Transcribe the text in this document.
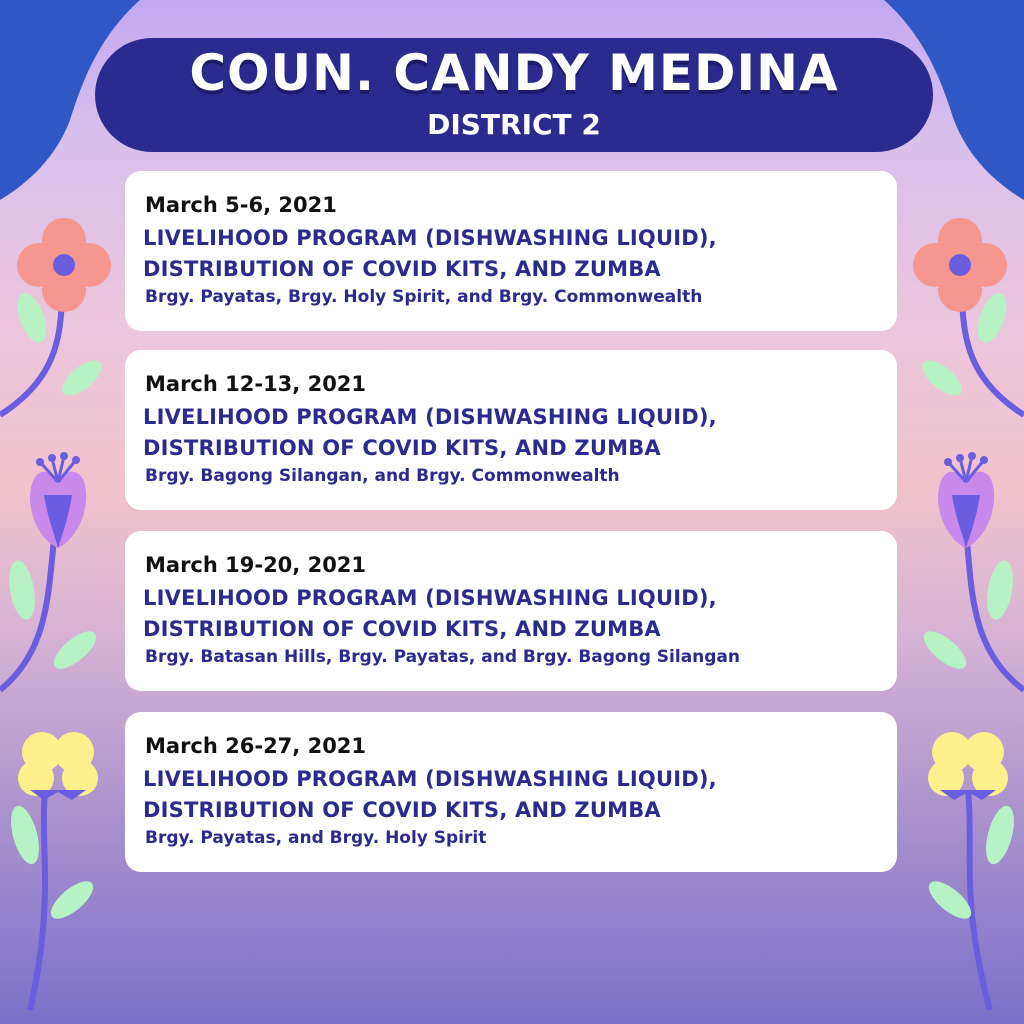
COUN. CANDY MEDINA
DISTRICT 2
March 5-6, 2021
LIVELIHOOD PROGRAM (DISHWASHING LIQUID),
DISTRIBUTION OF COVID KITS, AND ZUMBA
Brgy. Payatas, Brgy. Holy Spirit, and Brgy. Commonwealth
March 12-13, 2021
LIVELIHOOD PROGRAM (DISHWASHING LIQUID),
DISTRIBUTION OF COVID KITS, AND ZUMBA
Brgy. Bagong Silangan, and Brgy. Commonwealth
March 19-20, 2021
LIVELIHOOD PROGRAM (DISHWASHING LIQUID),
DISTRIBUTION OF COVID KITS, AND ZUMBA
Brgy. Batasan Hills, Brgy. Payatas, and Brgy. Bagong Silangan
March 26-27, 2021
LIVELIHOOD PROGRAM (DISHWASHING LIQUID),
DISTRIBUTION OF COVID KITS, AND ZUMBA
Brgy. Payatas, and Brgy. Holy Spirit
